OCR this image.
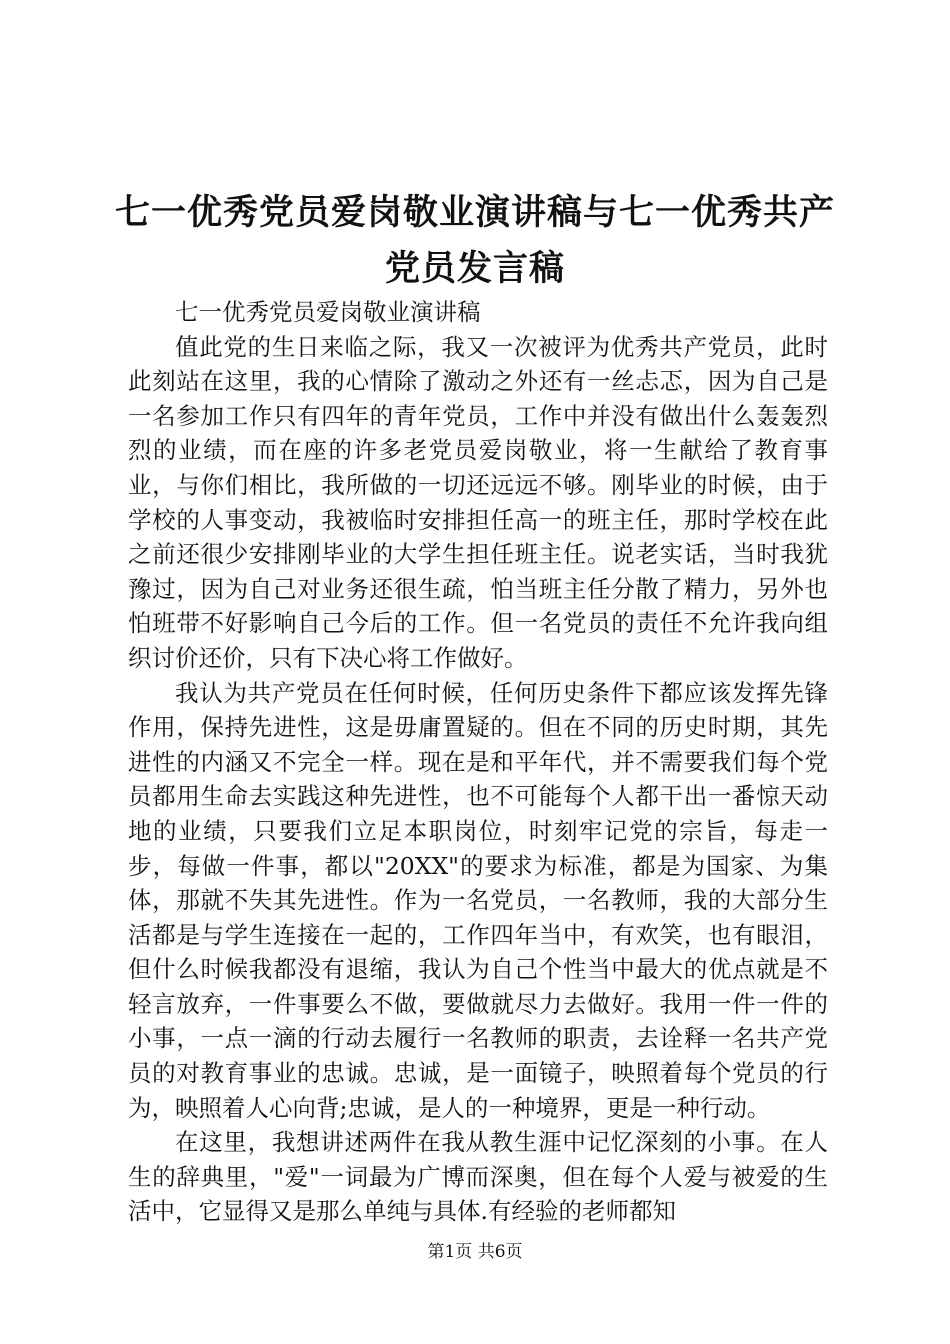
七一优秀党员爱岗敬业演讲稿与七一优秀共产
党员发言稿

七一优秀党员爱岗敬业演讲稿

值此党的生日来临之际，我又一次被评为优秀共产党员，此时此刻站在这里，我的心情除了激动之外还有一丝忐忑，因为自己是一名参加工作只有四年的青年党员，工作中并没有做出什么轰轰烈烈的业绩，而在座的许多老党员爱岗敬业，将一生献给了教育事业，与你们相比，我所做的一切还远远不够。刚毕业的时候，由于学校的人事变动，我被临时安排担任高一的班主任，那时学校在此之前还很少安排刚毕业的大学生担任班主任。说老实话，当时我犹豫过，因为自己对业务还很生疏，怕当班主任分散了精力，另外也怕班带不好影响自己今后的工作。但一名党员的责任不允许我向组织讨价还价，只有下决心将工作做好。

我认为共产党员在任何时候，任何历史条件下都应该发挥先锋作用，保持先进性，这是毋庸置疑的。但在不同的历史时期，其先进性的内涵又不完全一样。现在是和平年代，并不需要我们每个党员都用生命去实践这种先进性，也不可能每个人都干出一番惊天动地的业绩，只要我们立足本职岗位，时刻牢记党的宗旨，每走一步，每做一件事，都以"20XX"的要求为标准，都是为国家、为集体，那就不失其先进性。作为一名党员，一名教师，我的大部分生活都是与学生连接在一起的，工作四年当中，有欢笑，也有眼泪，但什么时候我都没有退缩，我认为自己个性当中最大的优点就是不轻言放弃，一件事要么不做，要做就尽力去做好。我用一件一件的小事，一点一滴的行动去履行一名教师的职责，去诠释一名共产党员的对教育事业的忠诚。忠诚，是一面镜子，映照着每个党员的行为，映照着人心向背;忠诚，是人的一种境界，更是一种行动。

在这里，我想讲述两件在我从教生涯中记忆深刻的小事。在人生的辞典里，"爱"一词最为广博而深奥，但在每个人爱与被爱的生活中，它显得又是那么单纯与具体.有经验的老师都知

第1页 共6页
